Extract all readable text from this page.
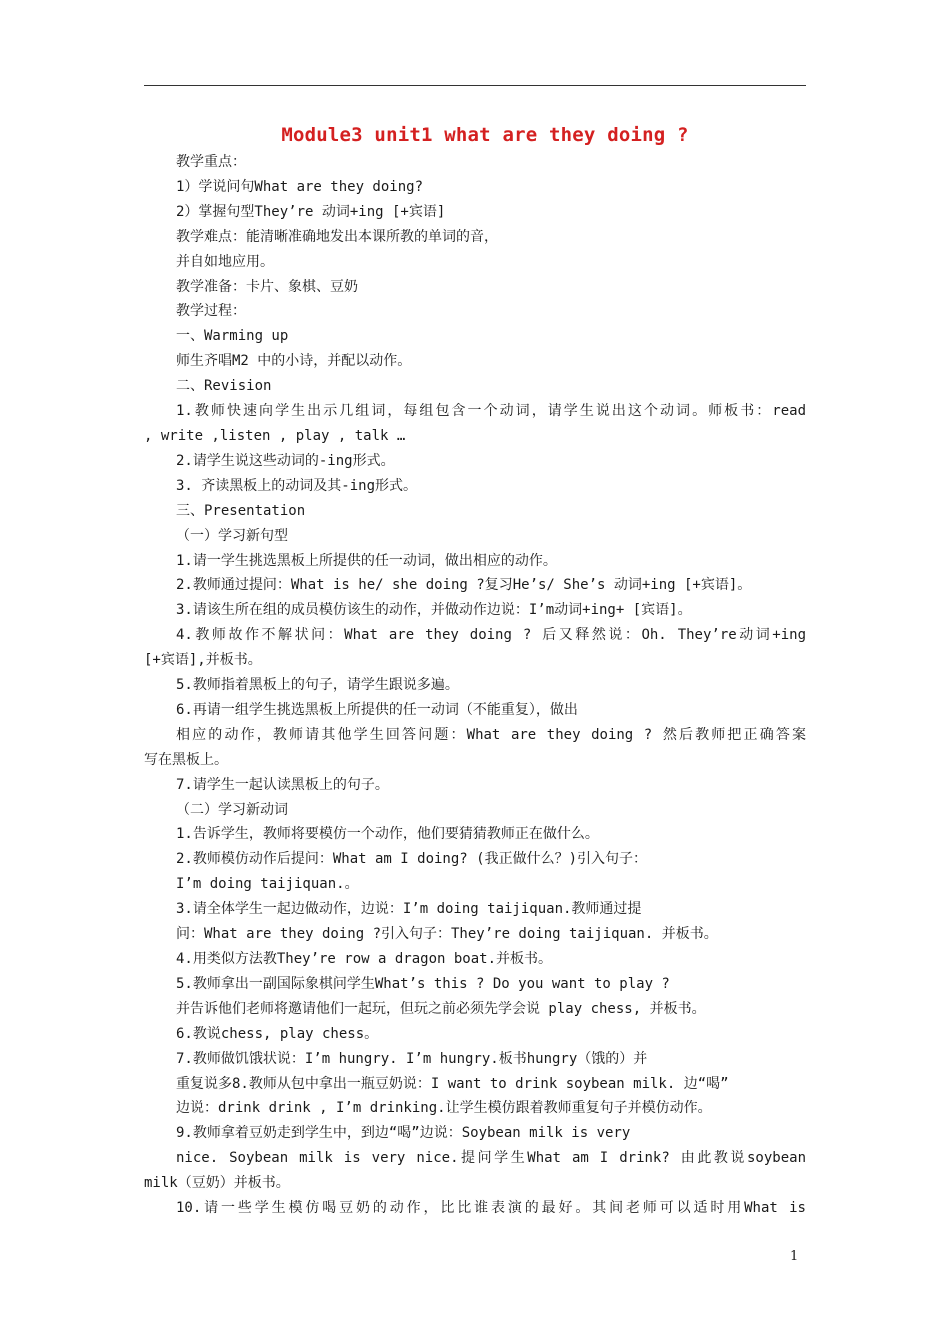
Module3 unit1 what are they doing ?

教学重点：

1）学说问句What are they doing?

2）掌握句型They’re 动词+ing [+宾语]

教学难点：能清晰准确地发出本课所教的单词的音，

并自如地应用。

教学准备：卡片、象棋、豆奶

教学过程：

一、Warming up

师生齐唱M2 中的小诗，并配以动作。

二、Revision

1.教师快速向学生出示几组词，每组包含一个动词，请学生说出这个动词。师板书：read

, write ,listen , play , talk …

2.请学生说这些动词的-ing形式。

3. 齐读黑板上的动词及其-ing形式。

三、Presentation

（一）学习新句型

1.请一学生挑选黑板上所提供的任一动词，做出相应的动作。

2.教师通过提问：What is he/ she doing ?复习He’s/ She’s 动词+ing [+宾语]。

3.请该生所在组的成员模仿该生的动作，并做动作边说：I’m动词+ing+ [宾语]。

4.教师故作不解状问：What are they doing ? 后又释然说：Oh. They’re动词+ing

[+宾语],并板书。

5.教师指着黑板上的句子，请学生跟说多遍。

6.再请一组学生挑选黑板上所提供的任一动词（不能重复），做出

相应的动作，教师请其他学生回答问题：What are they doing ? 然后教师把正确答案

写在黑板上。

7.请学生一起认读黑板上的句子。

（二）学习新动词

1.告诉学生，教师将要模仿一个动作，他们要猜猜教师正在做什么。

2.教师模仿动作后提问：What am I doing? (我正做什么？)引入句子：

I’m doing taijiquan.。

3.请全体学生一起边做动作，边说：I’m doing taijiquan.教师通过提

问：What are they doing ?引入句子：They’re doing taijiquan. 并板书。

4.用类似方法教They’re row a dragon boat.并板书。

5.教师拿出一副国际象棋问学生What’s this ? Do you want to play ?

并告诉他们老师将邀请他们一起玩，但玩之前必须先学会说 play chess, 并板书。

6.教说chess, play chess。

7.教师做饥饿状说：I’m hungry. I’m hungry.板书hungry（饿的）并

重复说多8.教师从包中拿出一瓶豆奶说：I want to drink soybean milk. 边“喝”

边说：drink drink , I’m drinking.让学生模仿跟着教师重复句子并模仿动作。

9.教师拿着豆奶走到学生中，到边“喝”边说：Soybean milk is very

nice. Soybean milk is very nice.提问学生What am I drink? 由此教说soybean

milk（豆奶）并板书。

10.请一些学生模仿喝豆奶的动作，比比谁表演的最好。其间老师可以适时用What is

1
